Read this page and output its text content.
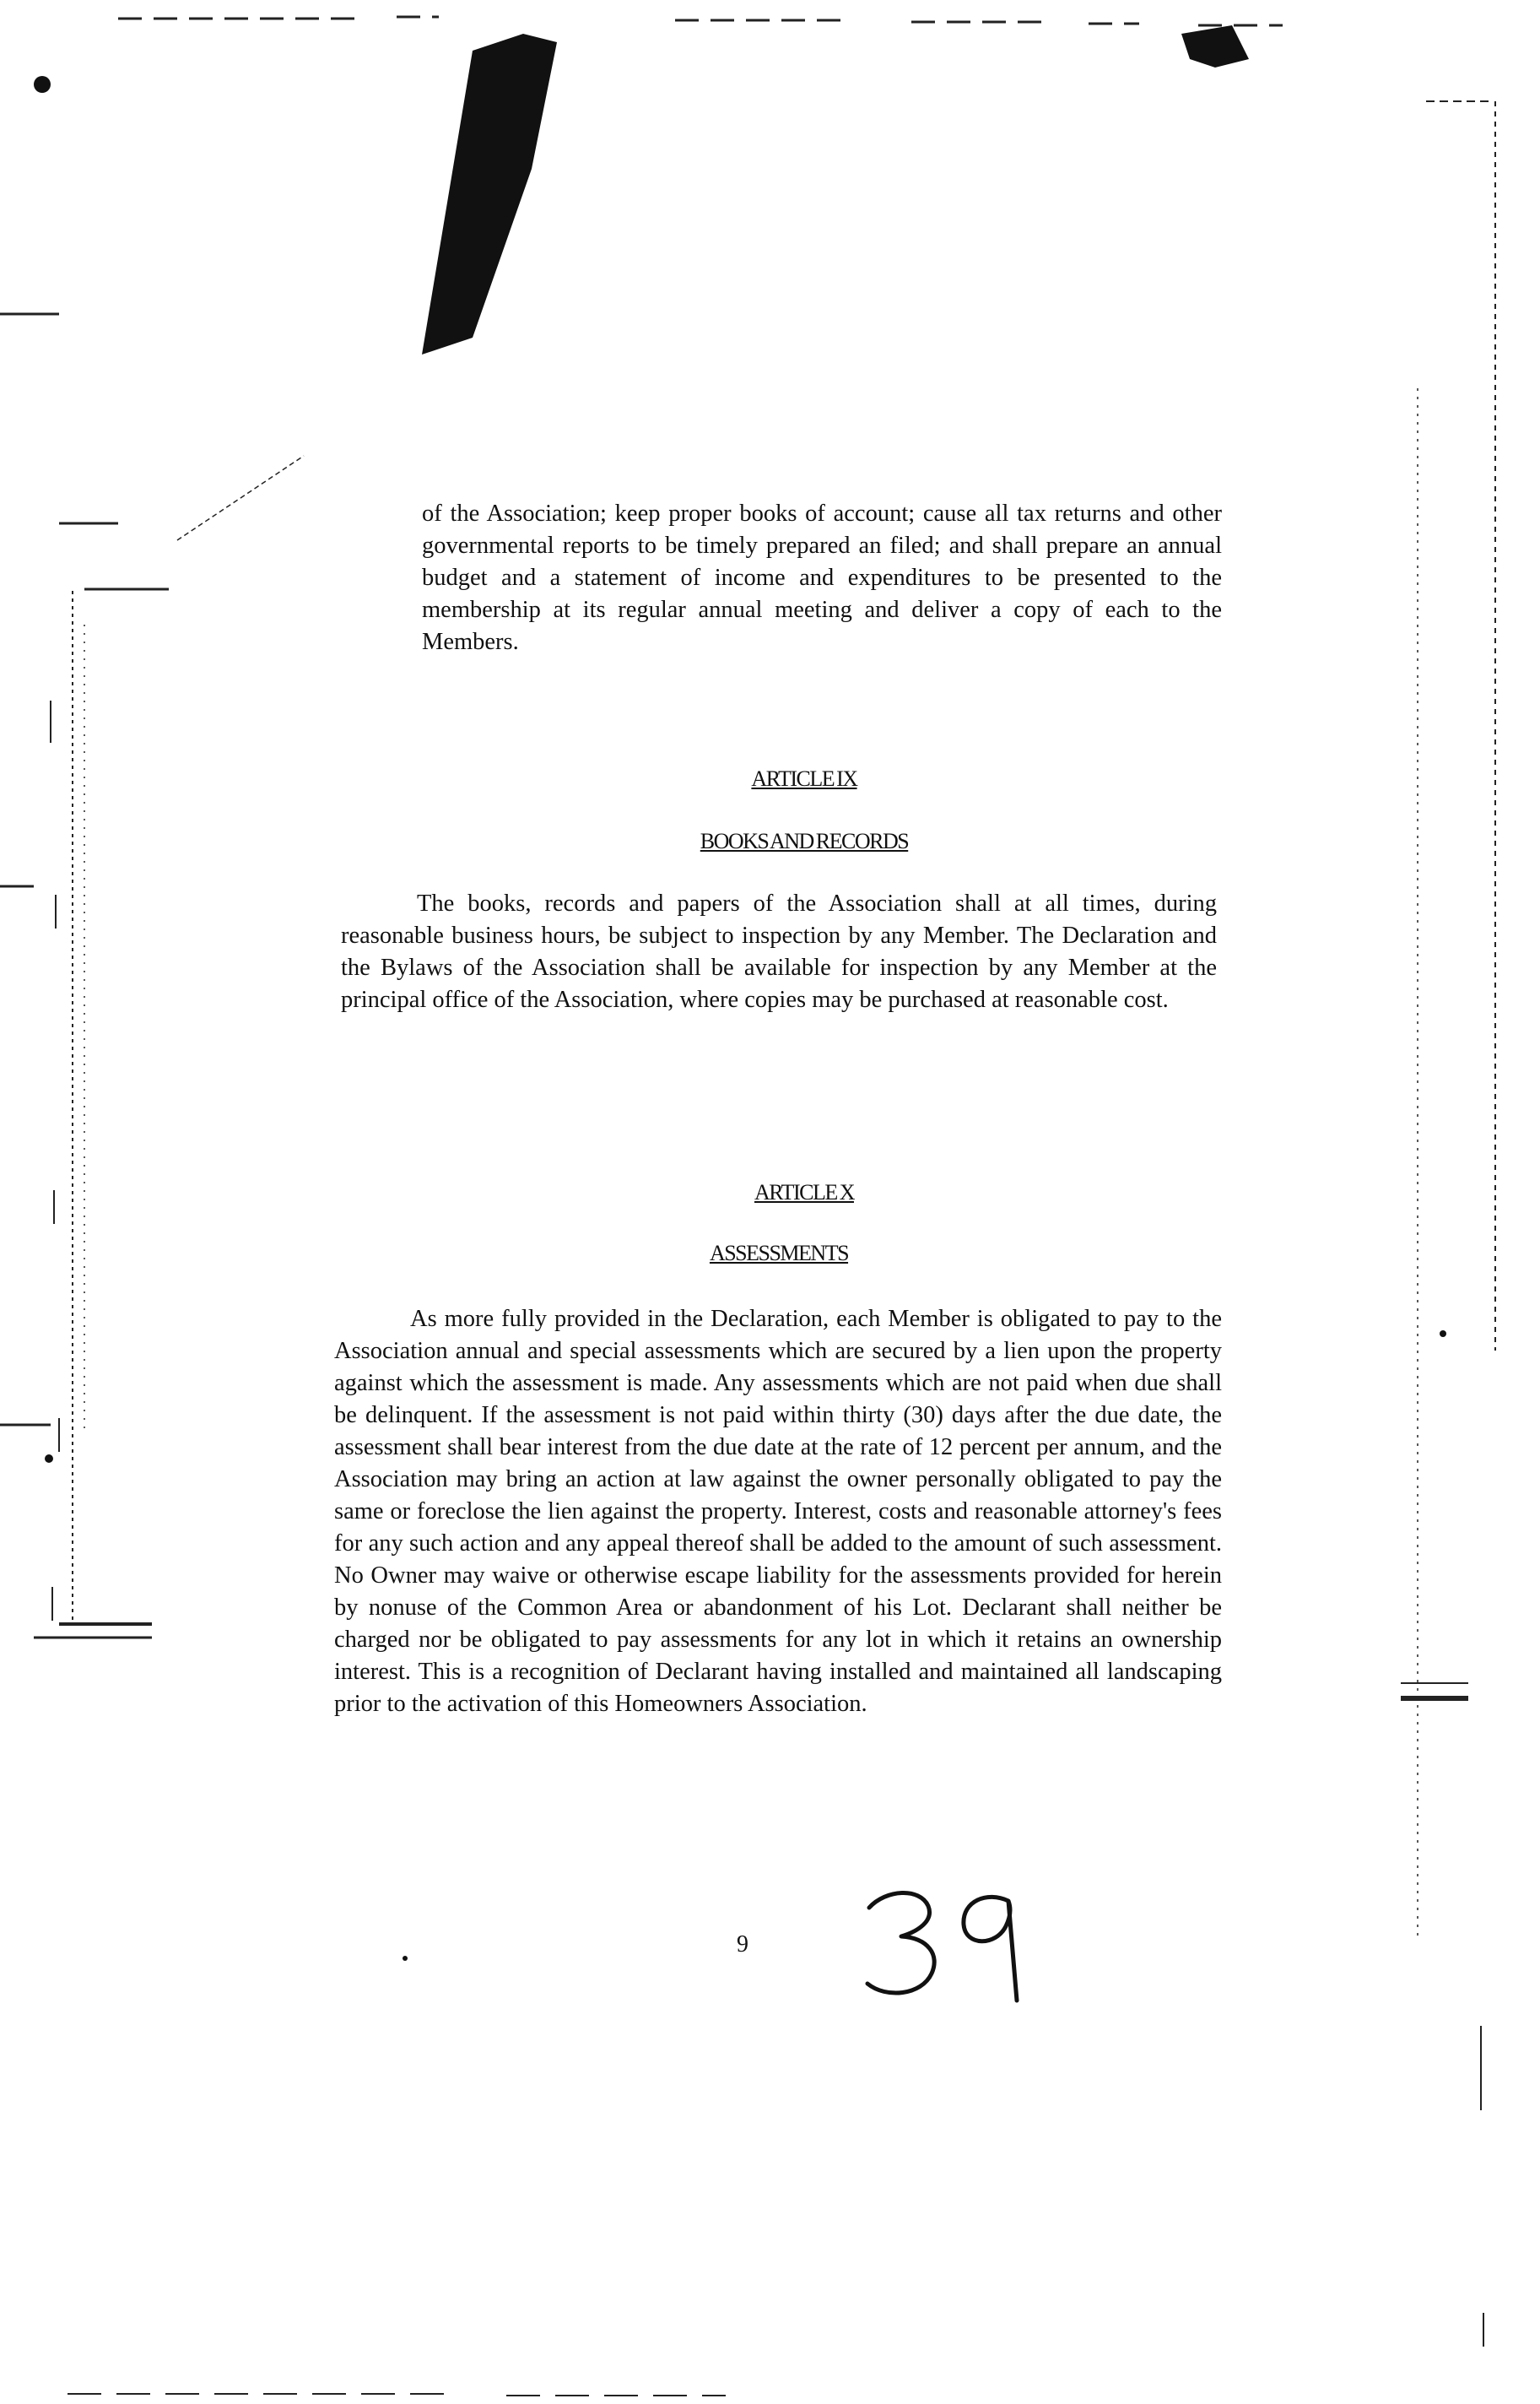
of the Association; keep proper books of account; cause all tax returns and other governmental reports to be timely prepared an filed; and shall prepare an annual budget and a statement of income and expenditures to be presented to the membership at its regular annual meeting and deliver a copy of each to the Members.

ARTICLE IX

BOOKS AND RECORDS

The books, records and papers of the Association shall at all times, during reasonable business hours, be subject to inspection by any Member. The Declaration and the Bylaws of the Association shall be available for inspection by any Member at the principal office of the Association, where copies may be purchased at reasonable cost.

ARTICLE X

ASSESSMENTS

As more fully provided in the Declaration, each Member is obligated to pay to the Association annual and special assessments which are secured by a lien upon the property against which the assessment is made. Any assessments which are not paid when due shall be delinquent. If the assessment is not paid within thirty (30) days after the due date, the assessment shall bear interest from the due date at the rate of 12 percent per annum, and the Association may bring an action at law against the owner personally obligated to pay the same or foreclose the lien against the property. Interest, costs and reasonable attorney's fees for any such action and any appeal thereof shall be added to the amount of such assessment. No Owner may waive or otherwise escape liability for the assessments provided for herein by nonuse of the Common Area or abandonment of his Lot. Declarant shall neither be charged nor be obligated to pay assessments for any lot in which it retains an ownership interest. This is a recognition of Declarant having installed and maintained all landscaping prior to the activation of this Homeowners Association.

9
